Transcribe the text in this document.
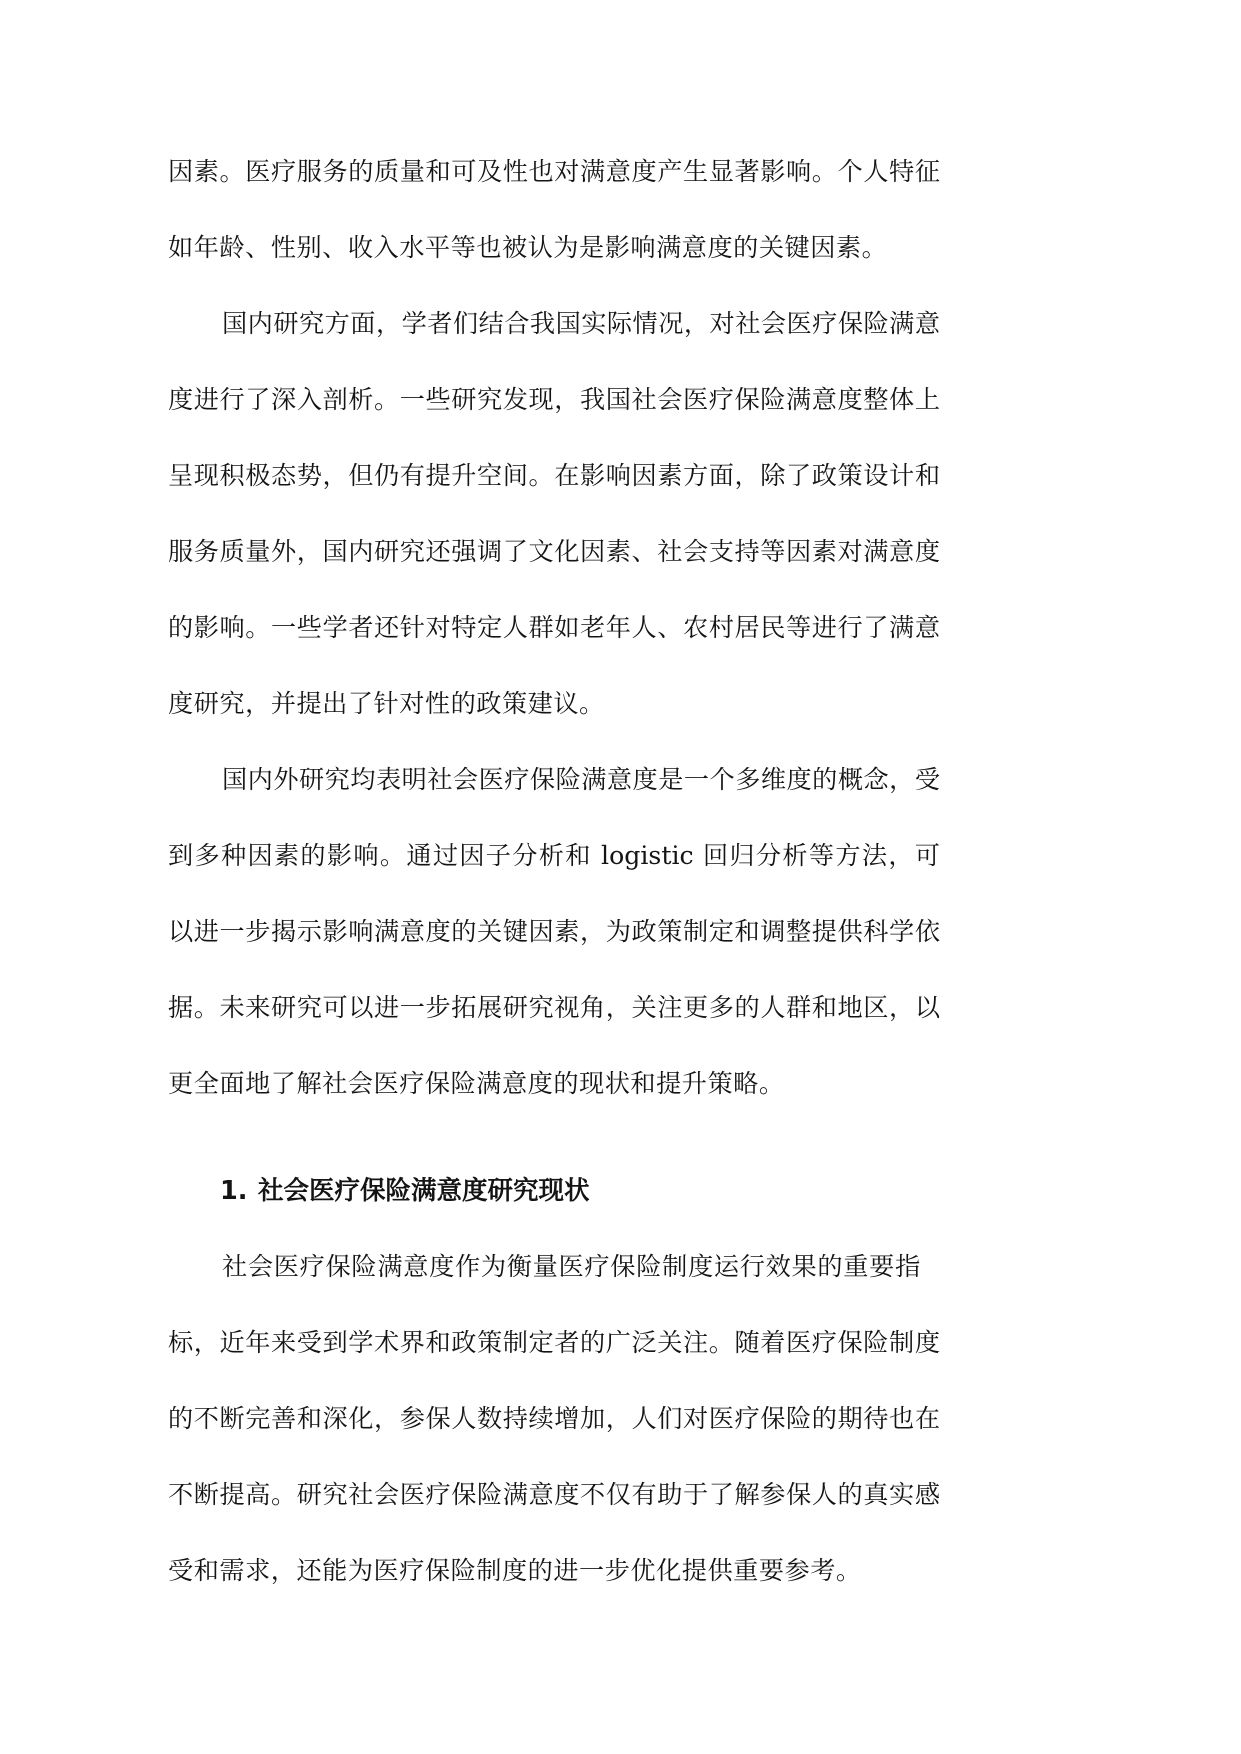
因素。医疗服务的质量和可及性也对满意度产生显著影响。个人特征
如年龄、性别、收入水平等也被认为是影响满意度的关键因素。
国内研究方面，学者们结合我国实际情况，对社会医疗保险满意
度进行了深入剖析。一些研究发现，我国社会医疗保险满意度整体上
呈现积极态势，但仍有提升空间。在影响因素方面，除了政策设计和
服务质量外，国内研究还强调了文化因素、社会支持等因素对满意度
的影响。一些学者还针对特定人群如老年人、农村居民等进行了满意
度研究，并提出了针对性的政策建议。
国内外研究均表明社会医疗保险满意度是一个多维度的概念，受
到多种因素的影响。通过因子分析和 logistic 回归分析等方法，可
以进一步揭示影响满意度的关键因素，为政策制定和调整提供科学依
据。未来研究可以进一步拓展研究视角，关注更多的人群和地区，以
更全面地了解社会医疗保险满意度的现状和提升策略。
1. 社会医疗保险满意度研究现状
社会医疗保险满意度作为衡量医疗保险制度运行效果的重要指
标，近年来受到学术界和政策制定者的广泛关注。随着医疗保险制度
的不断完善和深化，参保人数持续增加，人们对医疗保险的期待也在
不断提高。研究社会医疗保险满意度不仅有助于了解参保人的真实感
受和需求，还能为医疗保险制度的进一步优化提供重要参考。
